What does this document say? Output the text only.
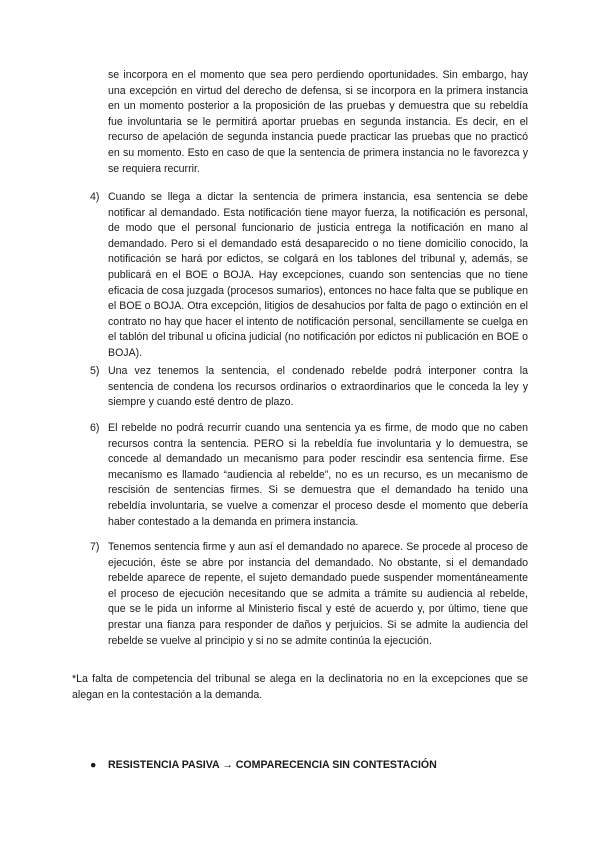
se incorpora en el momento que sea pero perdiendo oportunidades. Sin embargo, hay una excepción en virtud del derecho de defensa, si se incorpora en la primera instancia en un momento posterior a la proposición de las pruebas y demuestra que su rebeldía fue involuntaria se le permitirá aportar pruebas en segunda instancia. Es decir, en el recurso de apelación de segunda instancia puede practicar las pruebas que no practicó en su momento. Esto en caso de que la sentencia de primera instancia no le favorezca y se requiera recurrir.

4) Cuando se llega a dictar la sentencia de primera instancia, esa sentencia se debe notificar al demandado. Esta notificación tiene mayor fuerza, la notificación es personal, de modo que el personal funcionario de justicia entrega la notificación en mano al demandado. Pero si el demandado está desaparecido o no tiene domicilio conocido, la notificación se hará por edictos, se colgará en los tablones del tribunal y, además, se publicará en el BOE o BOJA. Hay excepciones, cuando son sentencias que no tiene eficacia de cosa juzgada (procesos sumarios), entonces no hace falta que se publique en el BOE o BOJA. Otra excepción, litigios de desahucios por falta de pago o extinción en el contrato no hay que hacer el intento de notificación personal, sencillamente se cuelga en el tablón del tribunal u oficina judicial (no notificación por edictos ni publicación en BOE o BOJA).

5) Una vez tenemos la sentencia, el condenado rebelde podrá interponer contra la sentencia de condena los recursos ordinarios o extraordinarios que le conceda la ley y siempre y cuando esté dentro de plazo.

6) El rebelde no podrá recurrir cuando una sentencia ya es firme, de modo que no caben recursos contra la sentencia. PERO si la rebeldía fue involuntaria y lo demuestra, se concede al demandado un mecanismo para poder rescindir esa sentencia firme. Ese mecanismo es llamado “audiencia al rebelde”, no es un recurso, es un mecanismo de rescisión de sentencias firmes. Si se demuestra que el demandado ha tenido una rebeldía involuntaria, se vuelve a comenzar el proceso desde el momento que debería haber contestado a la demanda en primera instancia.

7) Tenemos sentencia firme y aun así el demandado no aparece. Se procede al proceso de ejecución, éste se abre por instancia del demandado. No obstante, si el demandado rebelde aparece de repente, el sujeto demandado puede suspender momentáneamente el proceso de ejecución necesitando que se admita a trámite su audiencia al rebelde, que se le pida un informe al Ministerio fiscal y esté de acuerdo y, por último, tiene que prestar una fianza para responder de daños y perjuicios. Si se admite la audiencia del rebelde se vuelve al principio y si no se admite continúa la ejecución.

*La falta de competencia del tribunal se alega en la declinatoria no en la excepciones que se alegan en la contestación a la demanda.

● RESISTENCIA PASIVA → COMPARECENCIA SIN CONTESTACIÓN
